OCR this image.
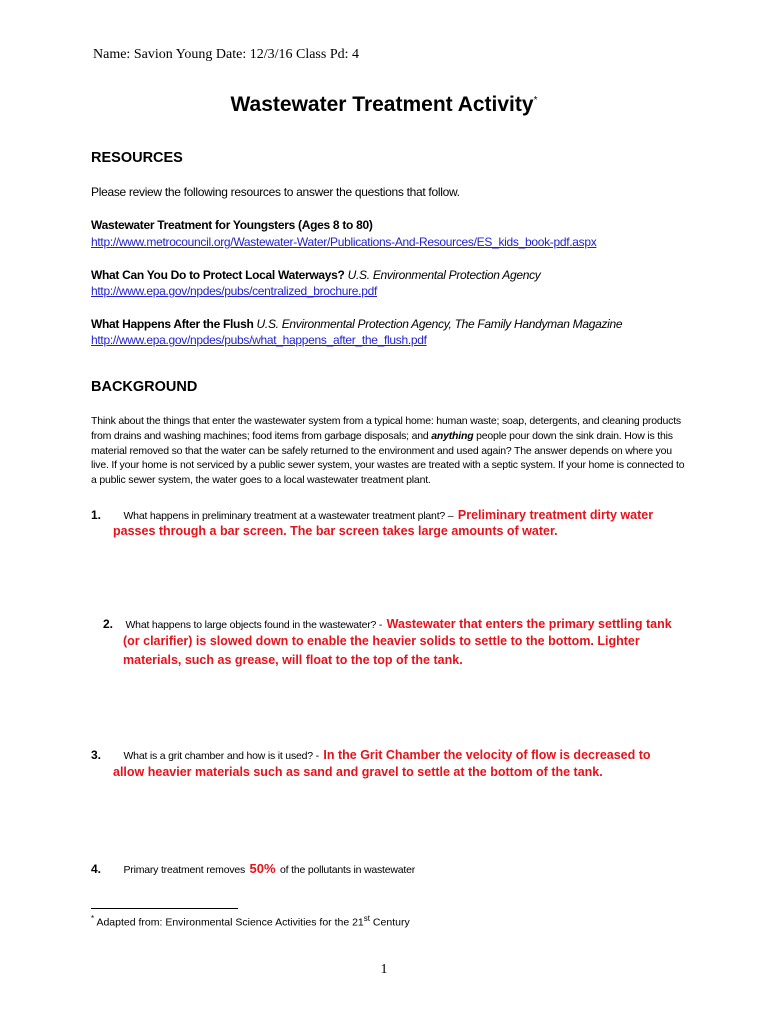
Name: Savion Young Date: 12/3/16 Class Pd: 4
Wastewater Treatment Activity*
RESOURCES
Please review the following resources to answer the questions that follow.
Wastewater Treatment for Youngsters (Ages 8 to 80)
http://www.metrocouncil.org/Wastewater-Water/Publications-And-Resources/ES_kids_book-pdf.aspx
What Can You Do to Protect Local Waterways? U.S. Environmental Protection Agency
http://www.epa.gov/npdes/pubs/centralized_brochure.pdf
What Happens After the Flush U.S. Environmental Protection Agency, The Family Handyman Magazine
http://www.epa.gov/npdes/pubs/what_happens_after_the_flush.pdf
BACKGROUND
Think about the things that enter the wastewater system from a typical home: human waste; soap, detergents, and cleaning products from drains and washing machines; food items from garbage disposals; and anything people pour down the sink drain. How is this material removed so that the water can be safely returned to the environment and used again? The answer depends on where you live. If your home is not serviced by a public sewer system, your wastes are treated with a septic system. If your home is connected to a public sewer system, the water goes to a local wastewater treatment plant.
1. What happens in preliminary treatment at a wastewater treatment plant? – Preliminary treatment dirty water
passes through a bar screen. The bar screen takes large amounts of water.
2. What happens to large objects found in the wastewater? - Wastewater that enters the primary settling tank
(or clarifier) is slowed down to enable the heavier solids to settle to the bottom. Lighter
materials, such as grease, will float to the top of the tank.
3. What is a grit chamber and how is it used? - In the Grit Chamber the velocity of flow is decreased to
allow heavier materials such as sand and gravel to settle at the bottom of the tank.
4. Primary treatment removes 50% of the pollutants in wastewater
* Adapted from: Environmental Science Activities for the 21st Century
1
